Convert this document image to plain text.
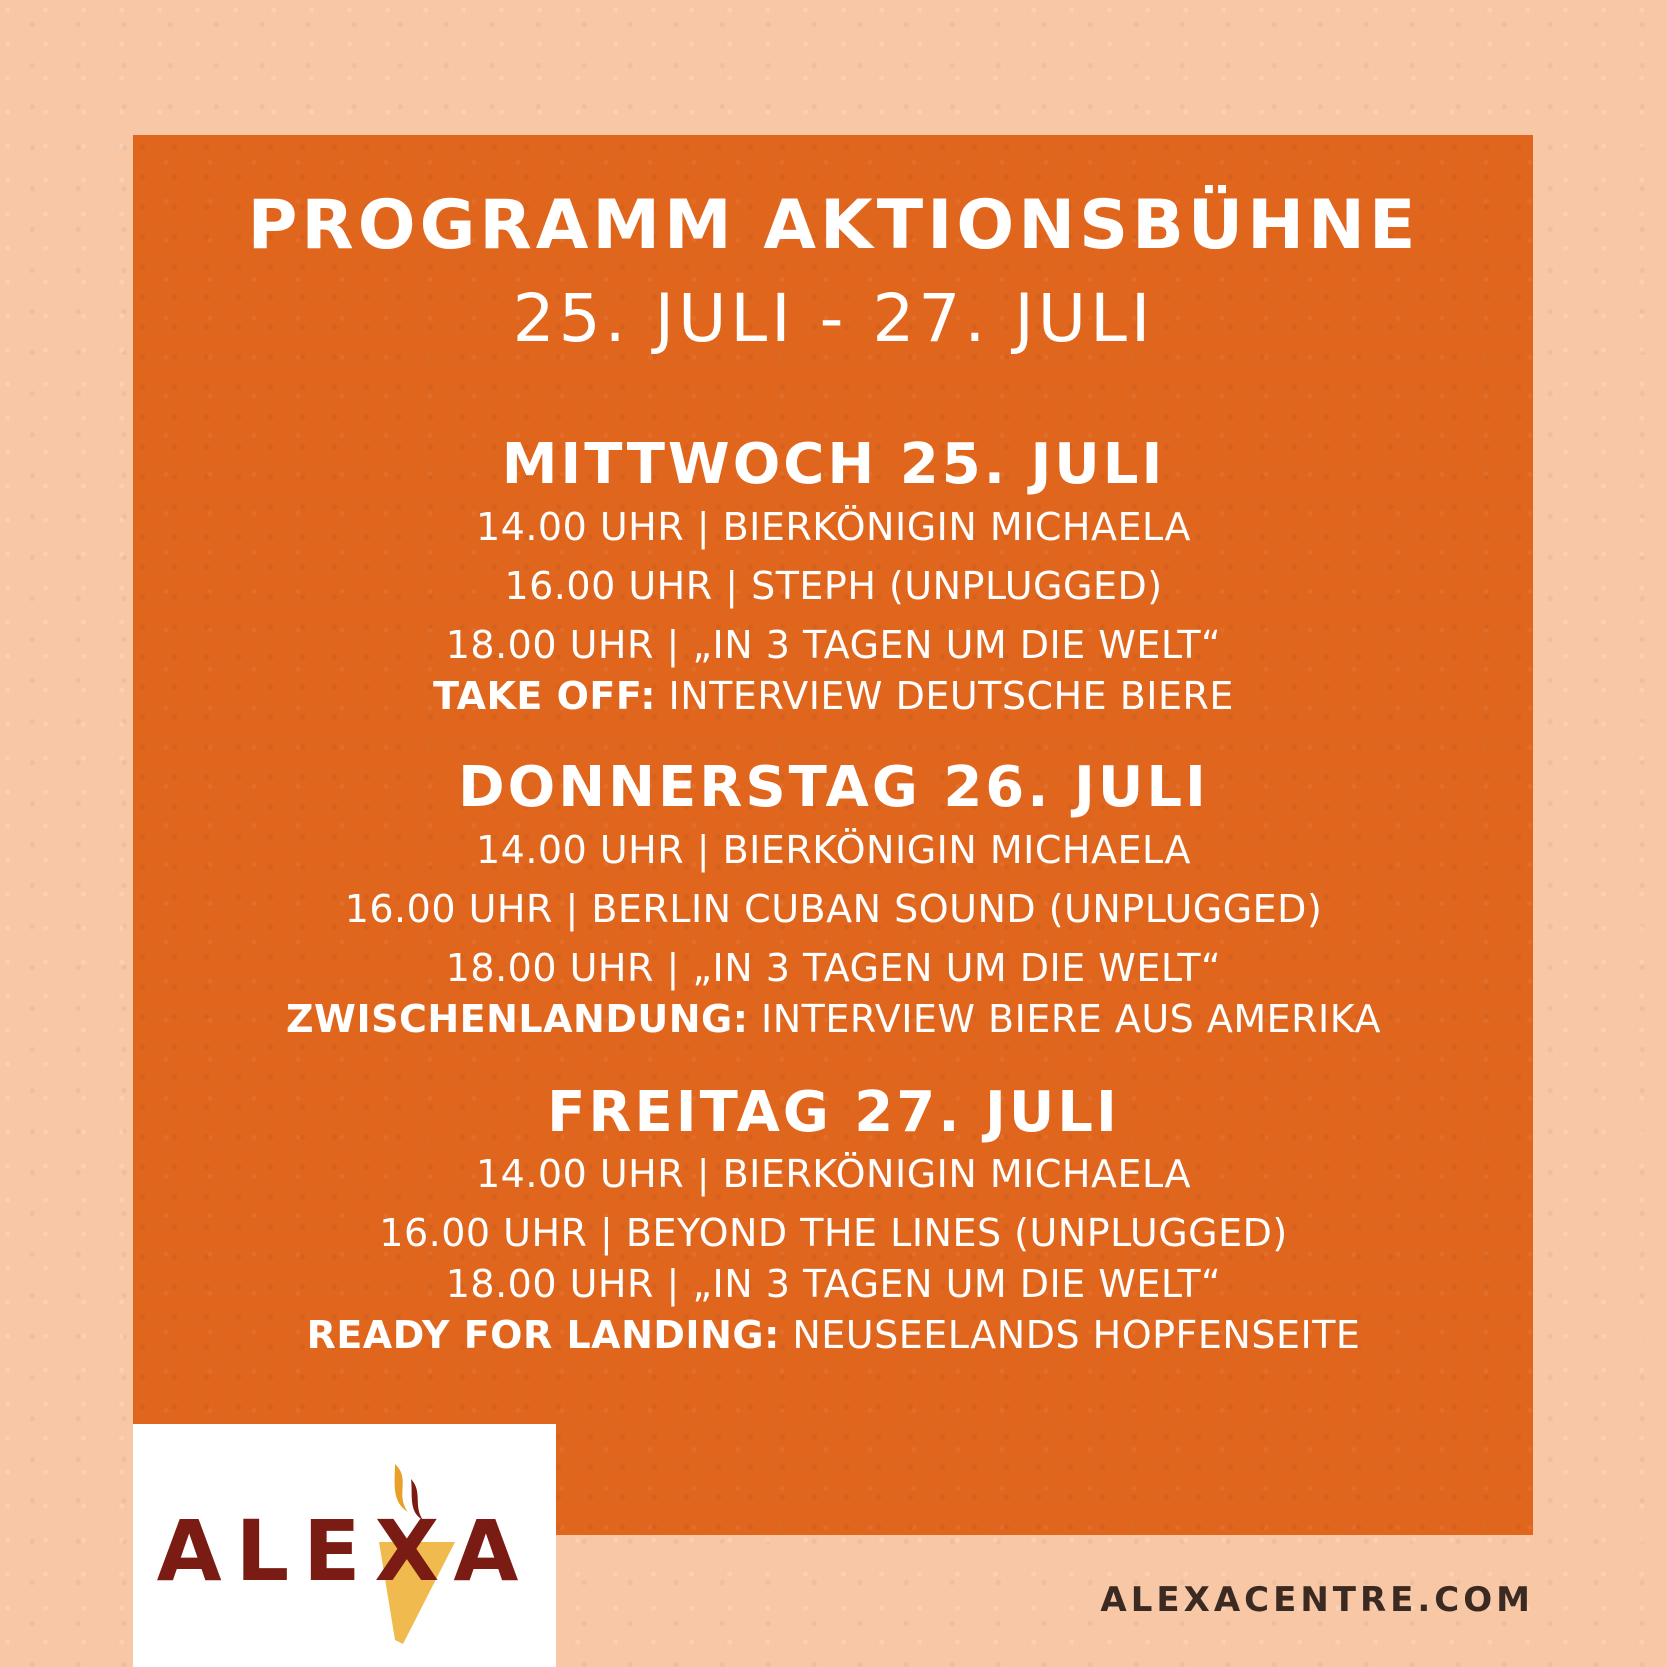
PROGRAMM AKTIONSBÜHNE
25. JULI - 27. JULI
MITTWOCH 25. JULI
14.00 UHR | BIERKÖNIGIN MICHAELA
16.00 UHR | STEPH (UNPLUGGED)
18.00 UHR | „IN 3 TAGEN UM DIE WELT“
TAKE OFF: INTERVIEW DEUTSCHE BIERE
DONNERSTAG 26. JULI
14.00 UHR | BIERKÖNIGIN MICHAELA
16.00 UHR | BERLIN CUBAN SOUND (UNPLUGGED)
18.00 UHR | „IN 3 TAGEN UM DIE WELT“
ZWISCHENLANDUNG: INTERVIEW BIERE AUS AMERIKA
FREITAG 27. JULI
14.00 UHR | BIERKÖNIGIN MICHAELA
16.00 UHR | BEYOND THE LINES (UNPLUGGED)
18.00 UHR | „IN 3 TAGEN UM DIE WELT“
READY FOR LANDING: NEUSEELANDS HOPFENSEITE
ALEXA	ALEXACENTRE.COM
